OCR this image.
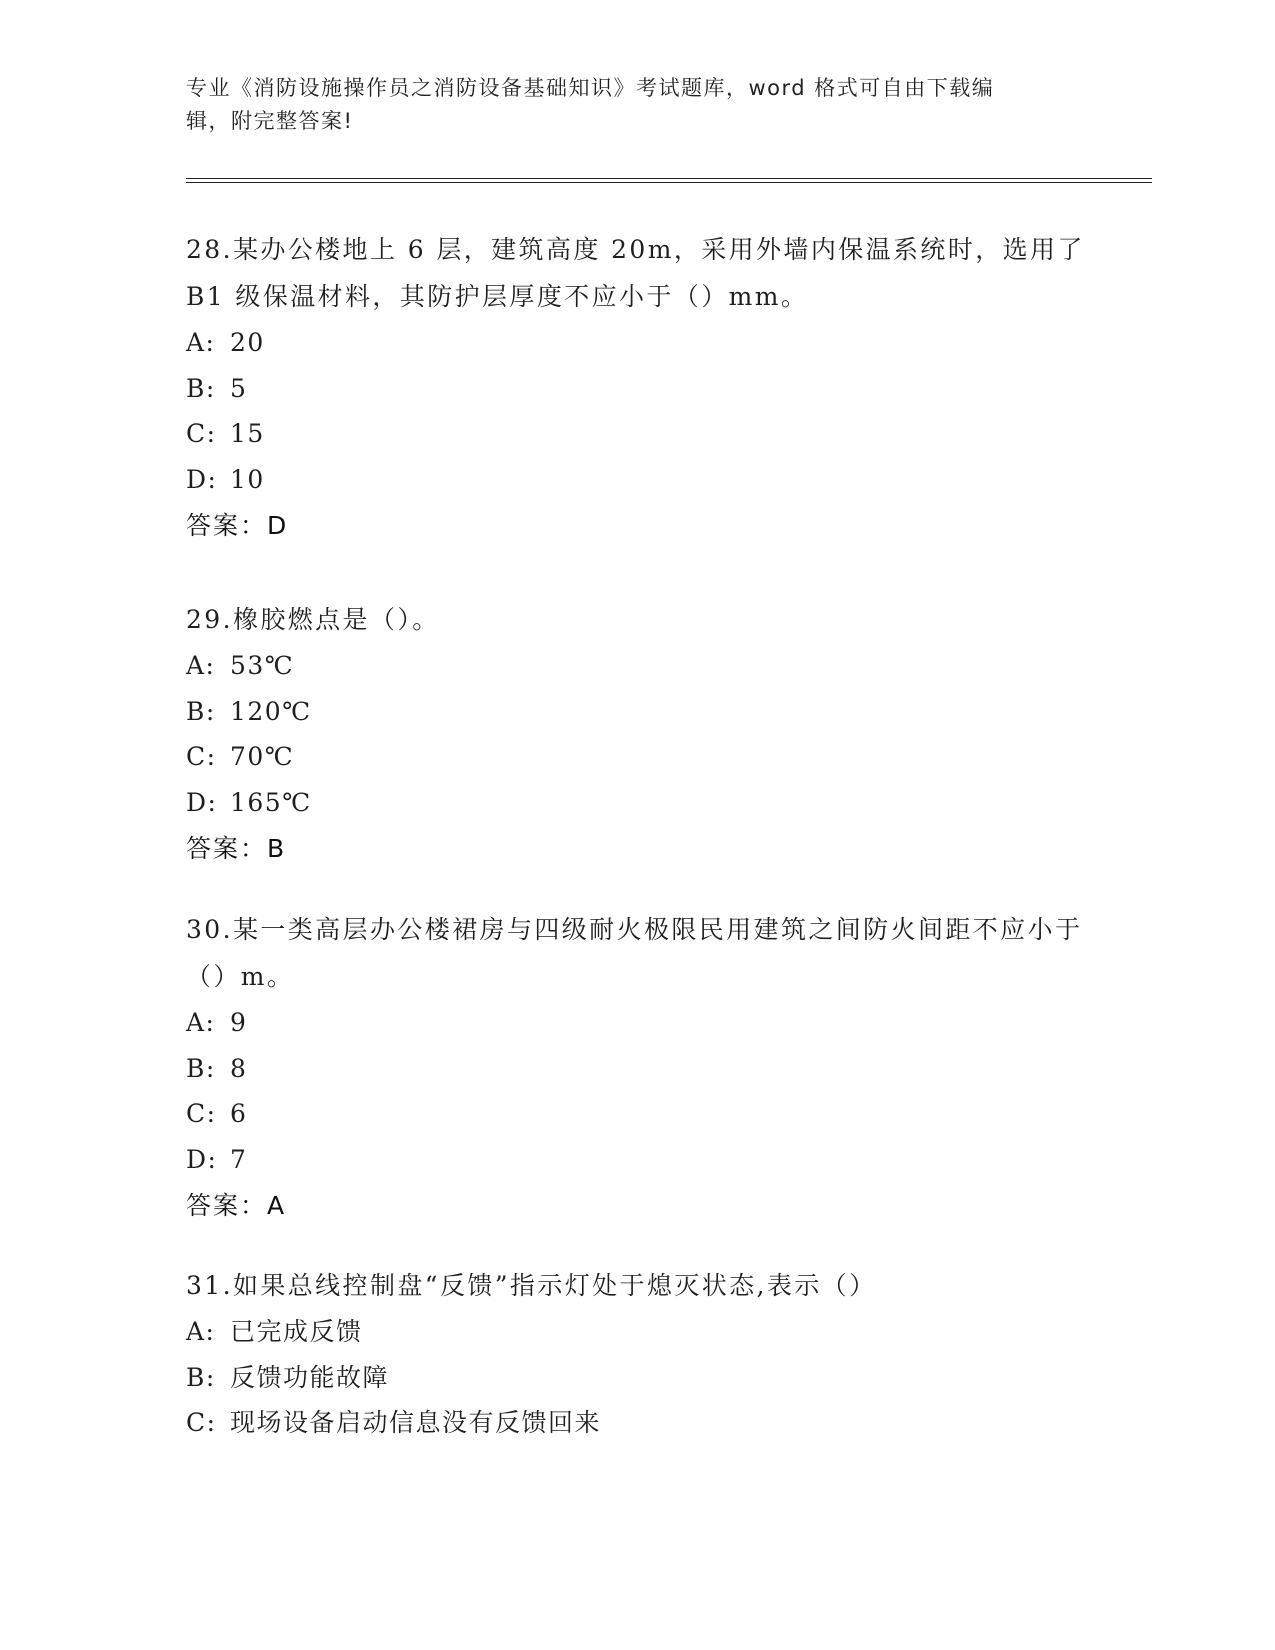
专业《消防设施操作员之消防设备基础知识》考试题库，word 格式可自由下载编
辑，附完整答案!
28.某办公楼地上 6 层，建筑高度 20m，采用外墙内保温系统时，选用了 B1 级保温材料，其防护层厚度不应小于（）mm。
A: 20
B: 5
C: 15
D: 10
答案：D
29.橡胶燃点是（）。
A: 53℃
B: 120℃
C: 70℃
D: 165℃
答案：B
30.某一类高层办公楼裙房与四级耐火极限民用建筑之间防火间距不应小于（）m。
A: 9
B: 8
C: 6
D: 7
答案：A
31.如果总线控制盘“反馈”指示灯处于熄灭状态,表示（）
A: 已完成反馈
B: 反馈功能故障
C: 现场设备启动信息没有反馈回来
